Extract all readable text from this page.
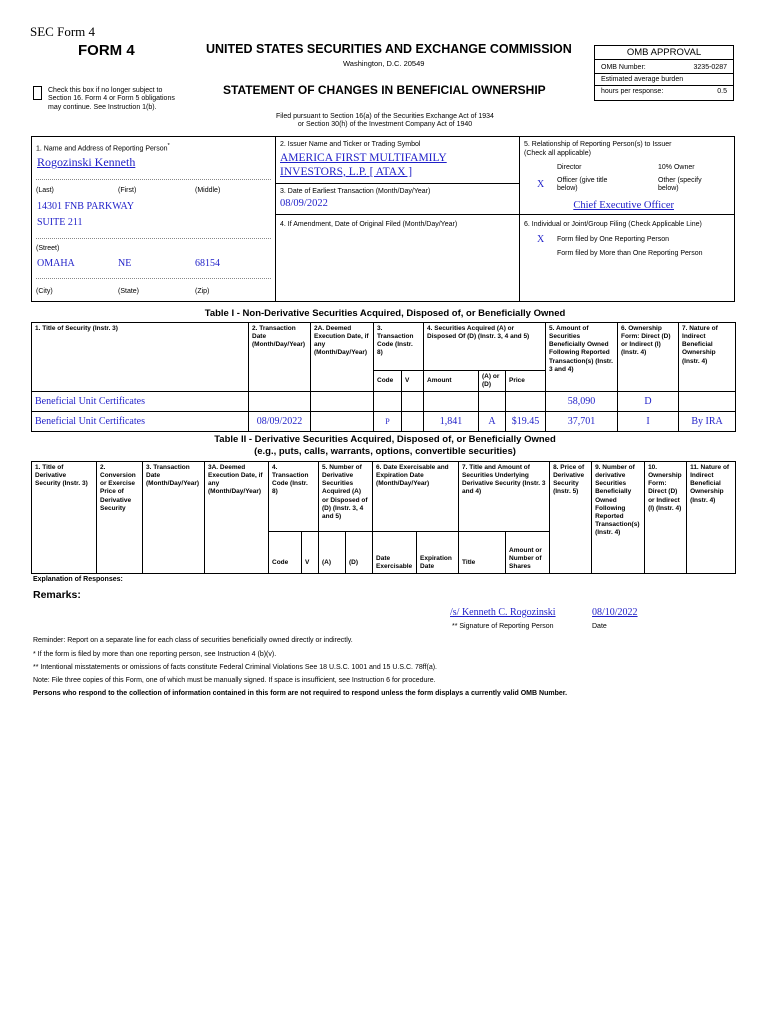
SEC Form 4
FORM 4	UNITED STATES SECURITIES AND EXCHANGE COMMISSION
Washington, D.C. 20549
STATEMENT OF CHANGES IN BENEFICIAL OWNERSHIP
Check this box if no longer subject to
Section 16. Form 4 or Form 5 obligations
may continue. See Instruction 1(b).
OMB APPROVAL
OMB Number:	3235-0287
Estimated average burden
hours per response:	0.5
Filed pursuant to Section 16(a) of the Securities Exchange Act of 1934
or Section 30(h) of the Investment Company Act of 1940
1. Name and Address of Reporting Person*
Rogozinski Kenneth
(Last)	(First)	(Middle)
14301 FNB PARKWAY
SUITE 211
(Street)
OMAHA	NE	68154
(City)	(State)	(Zip)
2. Issuer Name and Ticker or Trading Symbol
AMERICA FIRST MULTIFAMILY
INVESTORS, L.P. [ ATAX ]
3. Date of Earliest Transaction (Month/Day/Year)
08/09/2022
4. If Amendment, Date of Original Filed (Month/Day/Year)
5. Relationship of Reporting Person(s) to Issuer
(Check all applicable)
Director	10% Owner
X Officer (give title
below)
Other (specify
below)
Chief Executive Officer
6. Individual or Joint/Group Filing (Check Applicable Line)
X Form filed by One Reporting Person
Form filed by More than One Reporting Person
Table I - Non-Derivative Securities Acquired, Disposed of, or Beneficially Owned
1. Title of Security (Instr. 3)	2. Transaction Date (Month/Day/Year)	2A. Deemed Execution Date, if any (Month/Day/Year)	3. Transaction Code (Instr. 8)		4. Securities Acquired (A) or Disposed Of (D) (Instr. 3, 4 and 5)			5. Amount of Securities Beneficially Owned Following Reported Transaction(s) (Instr. 3 and 4)	6. Ownership Form: Direct (D) or Indirect (I) (Instr. 4)	7. Nature of Indirect Beneficial Ownership (Instr. 4)
			Code	V	Amount	(A) or (D)	Price			
Beneficial Unit Certificates								58,090	D	
Beneficial Unit Certificates	08/09/2022		P		1,841	A	$19.45	37,701	I	By IRA
Table II - Derivative Securities Acquired, Disposed of, or Beneficially Owned
(e.g., puts, calls, warrants, options, convertible securities)
1. Title of Derivative Security (Instr. 3)	2. Conversion or Exercise Price of Derivative Security	3. Transaction Date (Month/Day/Year)	3A. Deemed Execution Date, if any (Month/Day/Year)	4. Transaction Code (Instr. 8)		5. Number of Derivative Securities Acquired (A) or Disposed of (D) (Instr. 3, 4 and 5)		6. Date Exercisable and Expiration Date (Month/Day/Year)		7. Title and Amount of Securities Underlying Derivative Security (Instr. 3 and 4)		8. Price of Derivative Security (Instr. 5)	9. Number of derivative Securities Beneficially Owned Following Reported Transaction(s) (Instr. 4)	10. Ownership Form: Direct (D) or Indirect (I) (Instr. 4)	11. Nature of Indirect Beneficial Ownership (Instr. 4)
				Code	V	(A)	(D)	Date Exercisable	Expiration Date	Title	Amount or Number of Shares				
Explanation of Responses:
Remarks:
/s/ Kenneth C. Rogozinski	08/10/2022
** Signature of Reporting Person	Date
Reminder: Report on a separate line for each class of securities beneficially owned directly or indirectly.
* If the form is filed by more than one reporting person, see Instruction 4 (b)(v).
** Intentional misstatements or omissions of facts constitute Federal Criminal Violations See 18 U.S.C. 1001 and 15 U.S.C. 78ff(a).
Note: File three copies of this Form, one of which must be manually signed. If space is insufficient, see Instruction 6 for procedure.
Persons who respond to the collection of information contained in this form are not required to respond unless the form displays a currently valid OMB Number.
